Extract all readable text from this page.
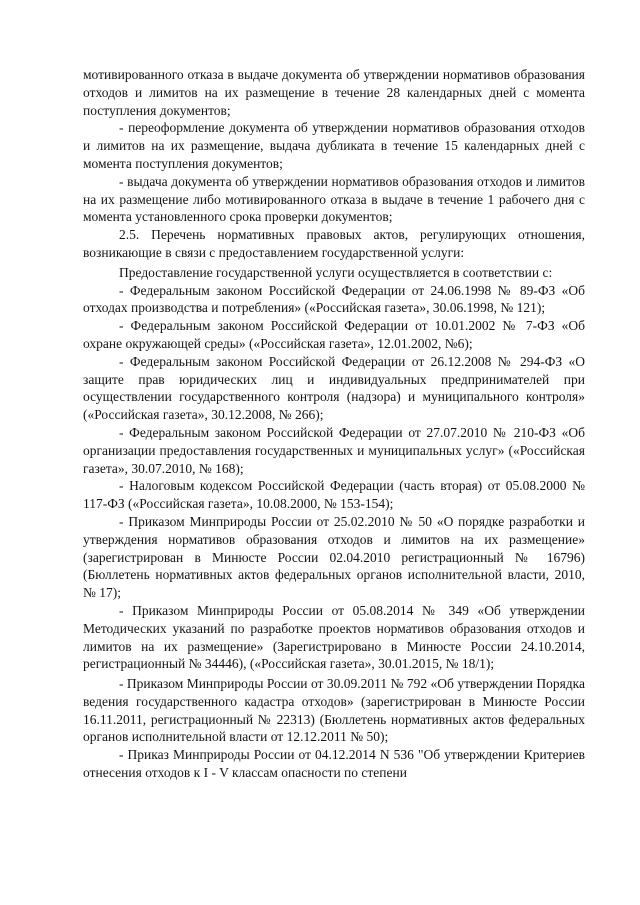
мотивированного отказа в выдаче документа об утверждении нормативов образования отходов и лимитов на их размещение в течение 28 календарных дней с момента поступления документов;

- переоформление документа об утверждении нормативов образования отходов и лимитов на их размещение, выдача дубликата в течение 15 календарных дней с момента поступления документов;

- выдача документа об утверждении нормативов образования отходов и лимитов на их размещение либо мотивированного отказа в выдаче в течение 1 рабочего дня с момента установленного срока проверки документов;

2.5. Перечень нормативных правовых актов, регулирующих отношения, возникающие в связи с предоставлением государственной услуги:

Предоставление государственной услуги осуществляется в соответствии с:

- Федеральным законом Российской Федерации от 24.06.1998 № 89-ФЗ «Об отходах производства и потребления» («Российская газета», 30.06.1998, № 121);

- Федеральным законом Российской Федерации от 10.01.2002 № 7-ФЗ «Об охране окружающей среды» («Российская газета», 12.01.2002, №6);

- Федеральным законом Российской Федерации от 26.12.2008 № 294-ФЗ «О защите прав юридических лиц и индивидуальных предпринимателей при осуществлении государственного контроля (надзора) и муниципального контроля» («Российская газета», 30.12.2008, № 266);

- Федеральным законом Российской Федерации от 27.07.2010 № 210-ФЗ «Об организации предоставления государственных и муниципальных услуг» («Российская газета», 30.07.2010, № 168);

- Налоговым кодексом Российской Федерации (часть вторая) от 05.08.2000 № 117-ФЗ («Российская газета», 10.08.2000, № 153-154);

- Приказом Минприроды России от 25.02.2010 № 50 «О порядке разработки и утверждения нормативов образования отходов и лимитов на их размещение» (зарегистрирован в Минюсте России 02.04.2010 регистрационный № 16796) (Бюллетень нормативных актов федеральных органов исполнительной власти, 2010, № 17);

- Приказом Минприроды России от 05.08.2014 № 349 «Об утверждении Методических указаний по разработке проектов нормативов образования отходов и лимитов на их размещение» (Зарегистрировано в Минюсте России 24.10.2014, регистрационный № 34446), («Российская газета», 30.01.2015, № 18/1);

- Приказом Минприроды России от 30.09.2011 № 792 «Об утверждении Порядка ведения государственного кадастра отходов» (зарегистрирован в Минюсте России 16.11.2011, регистрационный № 22313) (Бюллетень нормативных актов федеральных органов исполнительной власти от 12.12.2011 № 50);

- Приказ Минприроды России от 04.12.2014 N 536 "Об утверждении Критериев отнесения отходов к I - V классам опасности по степени
